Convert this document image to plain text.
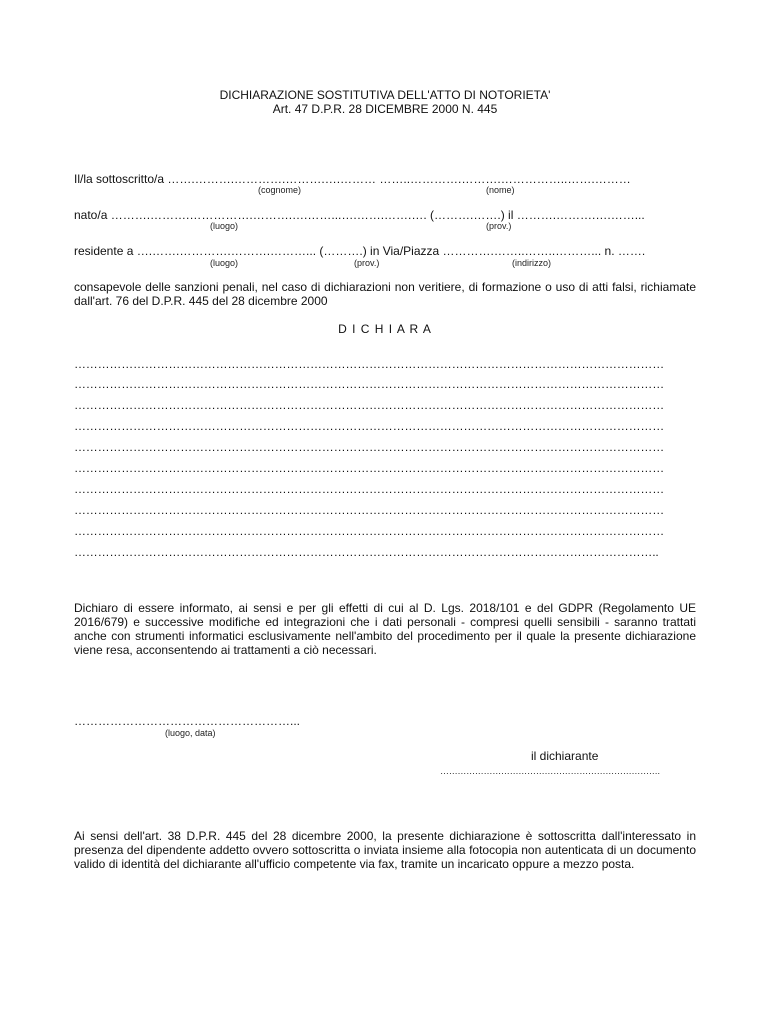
DICHIARAZIONE SOSTITUTIVA DELL'ATTO DI NOTORIETA'
Art. 47 D.P.R. 28 DICEMBRE 2000 N. 445
Il/la sottoscritto/a …….……….………….……….….……… ……..………….……….……………..…….………
(cognome)	(nome)
nato/a ……….……….…………….……….….……...….…….…….…. (……….…….) il ……….……….….……...
(luogo)	(prov.)
residente a ….…….………….……….………... (……….) in Via/Piazza ………….……..……..………... n. …….
(luogo)	(prov.)	(indirizzo)
consapevole delle sanzioni penali, nel caso di dichiarazioni non veritiere, di formazione o uso di atti falsi, richiamate dall'art. 76 del D.P.R. 445 del 28 dicembre 2000
D I C H I A R A
……………………………………………………………………………………………………………………………………
……………………………………………………………………………………………………………………………………
……………………………………………………………………………………………………………………………………
……………………………………………………………………………………………………………………………………
……………………………………………………………………………………………………………………………………
……………………………………………………………………………………………………………………………………
……………………………………………………………………………………………………………………………………
……………………………………………………………………………………………………………………………………
……………………………………………………………………………………………………………………………………
…………………………………………………………………………………………………………………………………..
Dichiaro di essere informato, ai sensi e per gli effetti di cui al D. Lgs. 2018/101 e del GDPR (Regolamento UE 2016/679) e successive modifiche ed integrazioni che i dati personali - compresi quelli sensibili - saranno trattati anche con strumenti informatici esclusivamente nell'ambito del procedimento per il quale la presente dichiarazione viene resa, acconsentendo ai trattamenti a ciò necessari.
………………………………………………...
(luogo, data)
il dichiarante
………………………………………………………………….
Ai sensi dell'art. 38 D.P.R. 445 del 28 dicembre 2000, la presente dichiarazione è sottoscritta dall'interessato in presenza del dipendente addetto ovvero sottoscritta o inviata insieme alla fotocopia non autenticata di un documento valido di identità del dichiarante all'ufficio competente via fax, tramite un incaricato oppure a mezzo posta.
